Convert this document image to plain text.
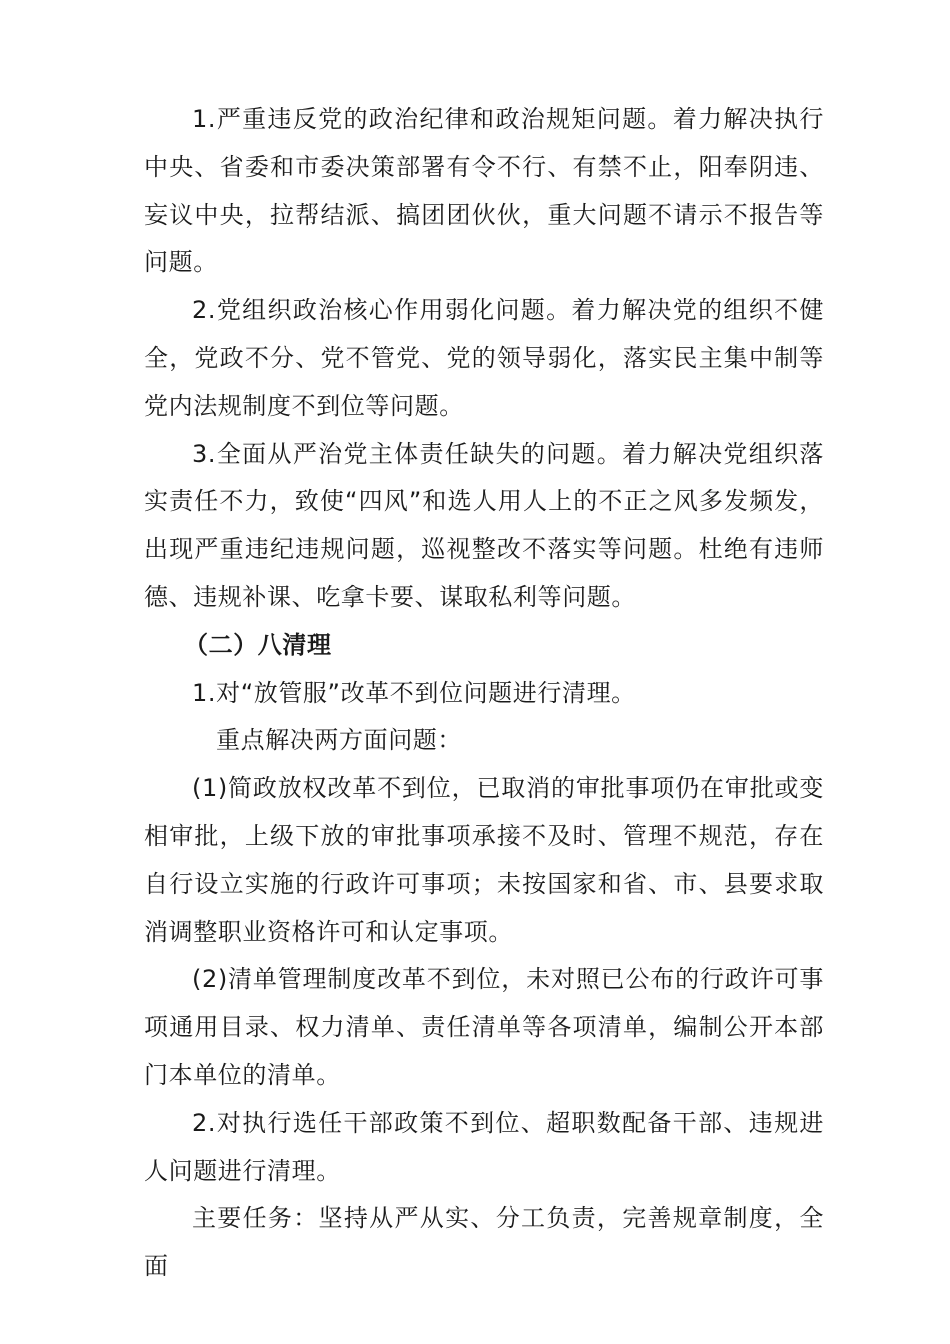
1.严重违反党的政治纪律和政治规矩问题。着力解决执行中央、省委和市委决策部署有令不行、有禁不止，阳奉阴违、妄议中央，拉帮结派、搞团团伙伙，重大问题不请示不报告等问题。

2.党组织政治核心作用弱化问题。着力解决党的组织不健全，党政不分、党不管党、党的领导弱化，落实民主集中制等党内法规制度不到位等问题。

3.全面从严治党主体责任缺失的问题。着力解决党组织落实责任不力，致使“四风”和选人用人上的不正之风多发频发，出现严重违纪违规问题，巡视整改不落实等问题。杜绝有违师德、违规补课、吃拿卡要、谋取私利等问题。

（二）八清理

1.对“放管服”改革不到位问题进行清理。

重点解决两方面问题：

(1)简政放权改革不到位，已取消的审批事项仍在审批或变相审批，上级下放的审批事项承接不及时、管理不规范，存在自行设立实施的行政许可事项；未按国家和省、市、县要求取消调整职业资格许可和认定事项。

(2)清单管理制度改革不到位，未对照已公布的行政许可事项通用目录、权力清单、责任清单等各项清单，编制公开本部门本单位的清单。

2.对执行选任干部政策不到位、超职数配备干部、违规进人问题进行清理。

主要任务：坚持从严从实、分工负责，完善规章制度，全面
